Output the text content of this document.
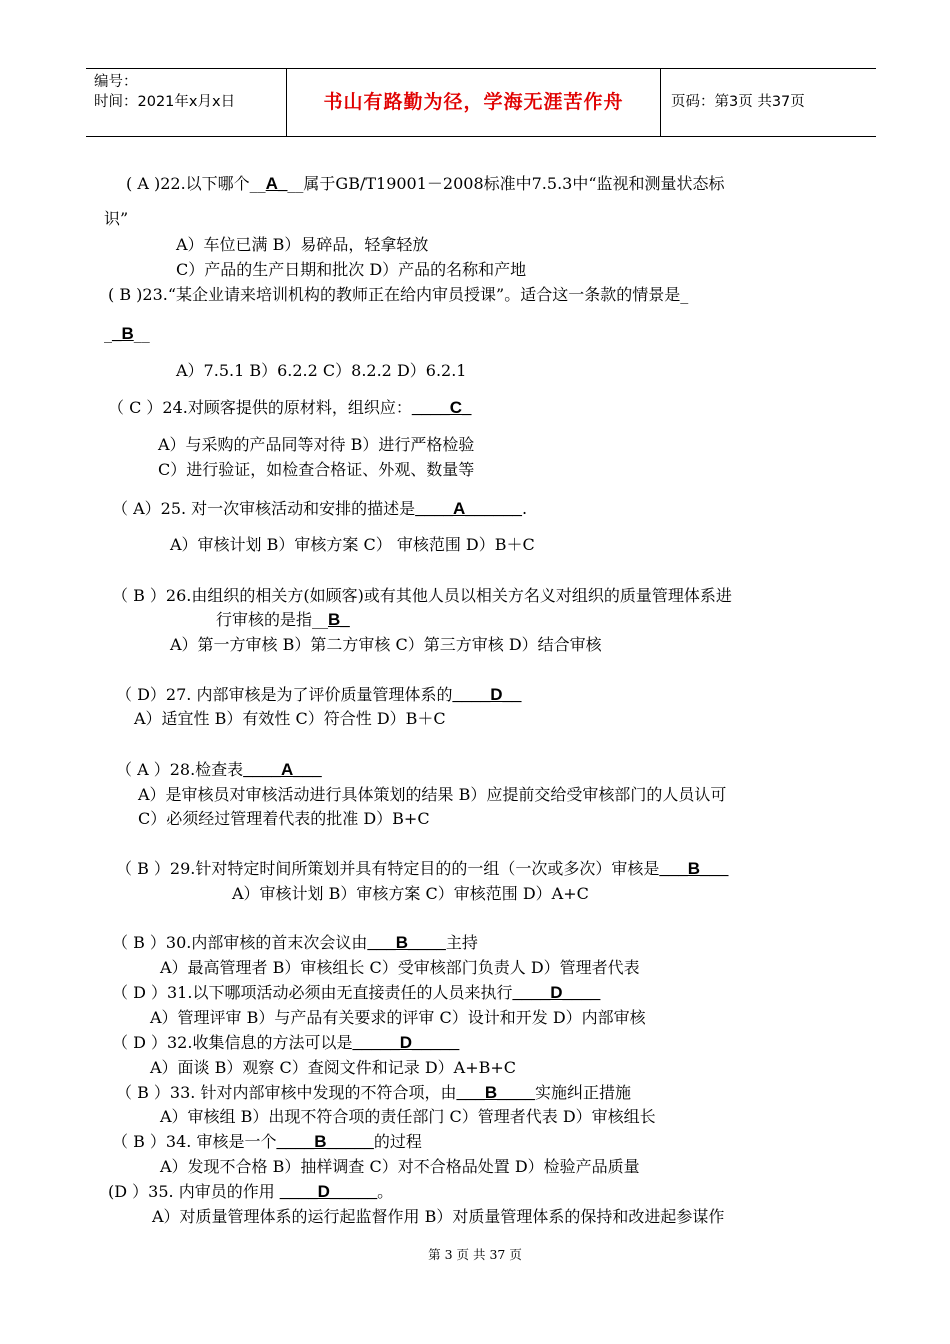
编号：
时间：2021年x月x日	书山有路勤为径，学海无涯苦作舟	页码：第3页 共37页
( A )22.以下哪个__A___属于GB/T19001－2008标准中7.5.3中“监视和测量状态标
识”
A）车位已满 B）易碎品，轻拿轻放
C）产品的生产日期和批次 D）产品的名称和产地
( B )23.“某企业请来培训机构的教师正在给内审员授课”。适合这一条款的情景是_
__B__
A）7.5.1 B）6.2.2 C）8.2.2 D）6.2.1
（ C ）24.对顾客提供的原材料，组织应：____C_
A）与采购的产品同等对待 B）进行严格检验
C）进行验证，如检查合格证、外观、数量等
（ A）25. 对一次审核活动和安排的描述是____A______.
A）审核计划 B）审核方案 C） 审核范围 D）B＋C
（ B ）26.由组织的相关方(如顾客)或有其他人员以相关方名义对组织的质量管理体系进
行审核的是指__B_
A）第一方审核 B）第二方审核 C）第三方审核 D）结合审核
（ D）27. 内部审核是为了评价质量管理体系的____D__
A）适宜性 B）有效性 C）符合性 D）B＋C
（ A ）28.检查表____A___
A）是审核员对审核活动进行具体策划的结果 B）应提前交给受审核部门的人员认可
C）必须经过管理着代表的批准 D）B+C
（ B ）29.针对特定时间所策划并具有特定目的的一组（一次或多次）审核是___B___
A）审核计划 B）审核方案 C）审核范围 D）A+C
（ B ）30.内部审核的首末次会议由___B____主持
A）最高管理者 B）审核组长 C）受审核部门负责人 D）管理者代表
（ D ）31.以下哪项活动必须由无直接责任的人员来执行____D____
A）管理评审 B）与产品有关要求的评审 C）设计和开发 D）内部审核
（ D ）32.收集信息的方法可以是_____D_____
A）面谈 B）观察 C）查阅文件和记录 D）A+B+C
（ B ）33. 针对内部审核中发现的不符合项，由___B____实施纠正措施
A）审核组 B）出现不符合项的责任部门 C）管理者代表 D）审核组长
（ B ）34. 审核是一个____B_____的过程
A）发现不合格 B）抽样调查 C）对不合格品处置 D）检验产品质量
(D ）35. 内审员的作用 ____D_____。
A）对质量管理体系的运行起监督作用 B）对质量管理体系的保持和改进起参谋作
第 3 页 共 37 页
